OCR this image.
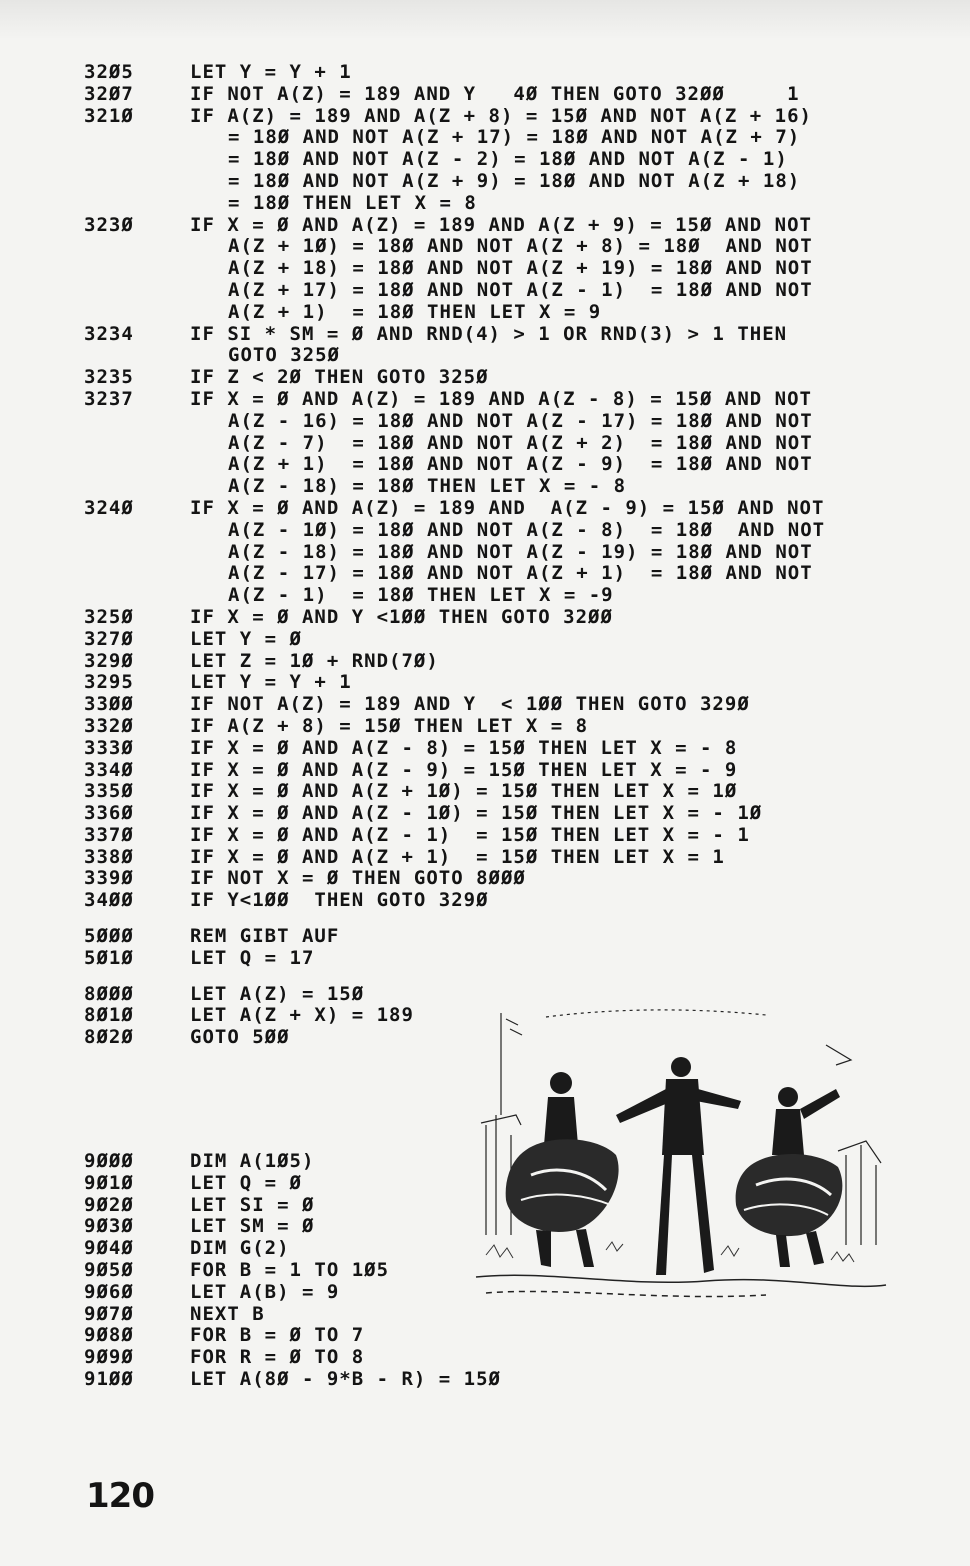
32Ø5	LET Y = Y + 1
32Ø7	IF NOT A(Z) = 189 AND Y   4Ø THEN GOTO 32ØØ     1
321Ø	IF A(Z) = 189 AND A(Z + 8) = 15Ø AND NOT A(Z + 16)
= 18Ø AND NOT A(Z + 17) = 18Ø AND NOT A(Z + 7)
= 18Ø AND NOT A(Z - 2) = 18Ø AND NOT A(Z - 1)
= 18Ø AND NOT A(Z + 9) = 18Ø AND NOT A(Z + 18)
= 18Ø THEN LET X = 8
323Ø	IF X = Ø AND A(Z) = 189 AND A(Z + 9) = 15Ø AND NOT
A(Z + 1Ø) = 18Ø AND NOT A(Z + 8) = 18Ø  AND NOT
A(Z + 18) = 18Ø AND NOT A(Z + 19) = 18Ø AND NOT
A(Z + 17) = 18Ø AND NOT A(Z - 1)  = 18Ø AND NOT
A(Z + 1)  = 18Ø THEN LET X = 9
3234	IF SI * SM = Ø AND RND(4) > 1 OR RND(3) > 1 THEN
GOTO 325Ø
3235	IF Z < 2Ø THEN GOTO 325Ø
3237	IF X = Ø AND A(Z) = 189 AND A(Z - 8) = 15Ø AND NOT
A(Z - 16) = 18Ø AND NOT A(Z - 17) = 18Ø AND NOT
A(Z - 7)  = 18Ø AND NOT A(Z + 2)  = 18Ø AND NOT
A(Z + 1)  = 18Ø AND NOT A(Z - 9)  = 18Ø AND NOT
A(Z - 18) = 18Ø THEN LET X = - 8
324Ø	IF X = Ø AND A(Z) = 189 AND  A(Z - 9) = 15Ø AND NOT
A(Z - 1Ø) = 18Ø AND NOT A(Z - 8)  = 18Ø  AND NOT
A(Z - 18) = 18Ø AND NOT A(Z - 19) = 18Ø AND NOT
A(Z - 17) = 18Ø AND NOT A(Z + 1)  = 18Ø AND NOT
A(Z - 1)  = 18Ø THEN LET X = -9
325Ø	IF X = Ø AND Y <1ØØ THEN GOTO 32ØØ
327Ø	LET Y = Ø
329Ø	LET Z = 1Ø + RND(7Ø)
3295	LET Y = Y + 1
33ØØ	IF NOT A(Z) = 189 AND Y  < 1ØØ THEN GOTO 329Ø
332Ø	IF A(Z + 8) = 15Ø THEN LET X = 8
333Ø	IF X = Ø AND A(Z - 8) = 15Ø THEN LET X = - 8
334Ø	IF X = Ø AND A(Z - 9) = 15Ø THEN LET X = - 9
335Ø	IF X = Ø AND A(Z + 1Ø) = 15Ø THEN LET X = 1Ø
336Ø	IF X = Ø AND A(Z - 1Ø) = 15Ø THEN LET X = - 1Ø
337Ø	IF X = Ø AND A(Z - 1)  = 15Ø THEN LET X = - 1
338Ø	IF X = Ø AND A(Z + 1)  = 15Ø THEN LET X = 1
339Ø	IF NOT X = Ø THEN GOTO 8ØØØ
34ØØ	IF Y<1ØØ  THEN GOTO 329Ø
5ØØØ	REM GIBT AUF
5Ø1Ø	LET Q = 17
8ØØØ	LET A(Z) = 15Ø
8Ø1Ø	LET A(Z + X) = 189
8Ø2Ø	GOTO 5ØØ
9ØØØ	DIM A(1Ø5)
9Ø1Ø	LET Q = Ø
9Ø2Ø	LET SI = Ø
9Ø3Ø	LET SM = Ø
9Ø4Ø	DIM G(2)
9Ø5Ø	FOR B = 1 TO 1Ø5
9Ø6Ø	LET A(B) = 9
9Ø7Ø	NEXT B
9Ø8Ø	FOR B = Ø TO 7
9Ø9Ø	FOR R = Ø TO 8
91ØØ	LET A(8Ø - 9*B - R) = 15Ø
120
